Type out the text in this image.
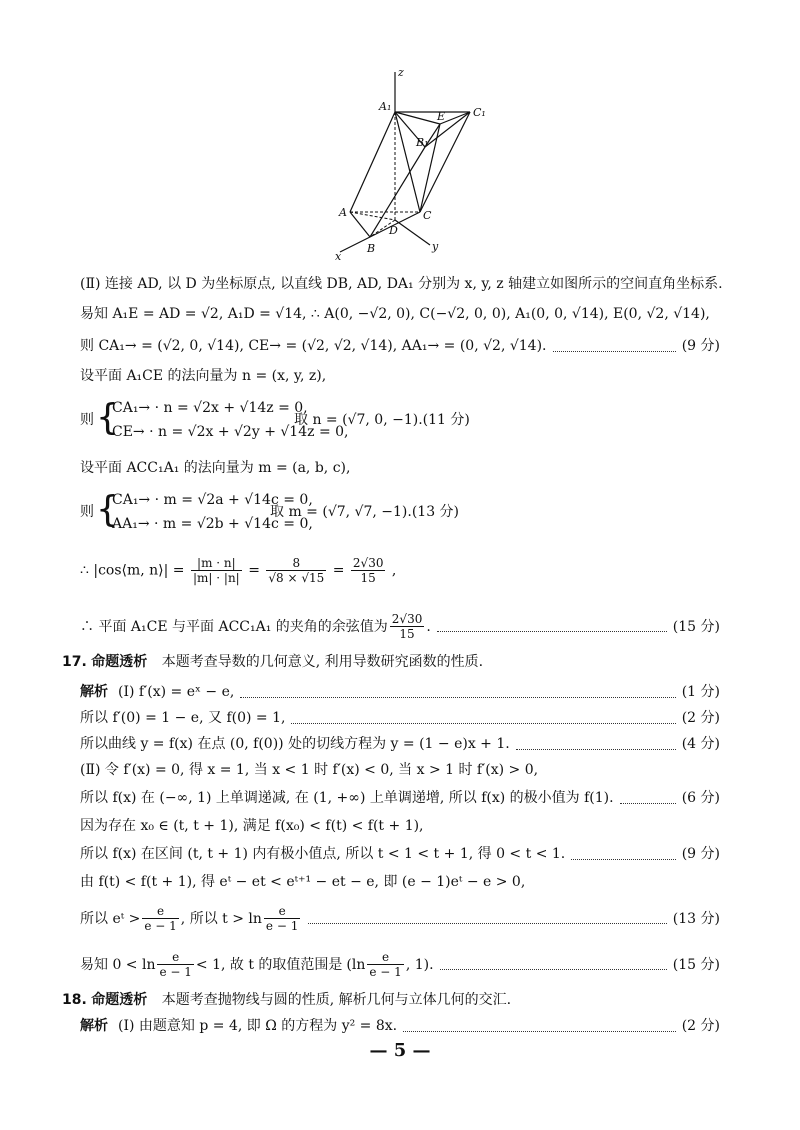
z
A₁
E	C₁
B₁
A	C
D
B
x
y
(Ⅱ) 连接 AD, 以 D 为坐标原点, 以直线 DB, AD, DA₁ 分别为 x, y, z 轴建立如图所示的空间直角坐标系.
易知 A₁E = AD = √2, A₁D = √14, ∴ A(0, −√2, 0), C(−√2, 0, 0), A₁(0, 0, √14), E(0, √2, √14),
则 CA₁→ = (√2, 0, √14), CE→ = (√2, √2, √14), AA₁→ = (0, √2, √14).	(9 分)
设平面 A₁CE 的法向量为 n = (x, y, z),
则 {
CA₁→ · n = √2x + √14z = 0,
CE→ · n = √2x + √2y + √14z = 0,
取 n = (√7, 0, −1). (11 分)
设平面 ACC₁A₁ 的法向量为 m = (a, b, c),
则 {
CA₁→ · m = √2a + √14c = 0,
AA₁→ · m = √2b + √14c = 0,
取 m = (√7, √7, −1). (13 分)
∴ |cos⟨m, n⟩| = $\frac{|m \cdot n|}{|m| \cdot |n|} = \frac{8}{√8 \times √15} = \frac{2√30}{15}$ ,
∴ 平面 A₁CE 与平面 ACC₁A₁ 的夹角的余弦值为 $\frac{2√30}{15}$ .	(15 分)
17. 命题透析 本题考查导数的几何意义, 利用导数研究函数的性质.
解析 (Ⅰ) f′(x) = eˣ − e,	(1 分)
所以 f′(0) = 1 − e, 又 f(0) = 1,	(2 分)
所以曲线 y = f(x) 在点 (0, f(0)) 处的切线方程为 y = (1 − e)x + 1.	(4 分)
(Ⅱ) 令 f′(x) = 0, 得 x = 1, 当 x < 1 时 f′(x) < 0, 当 x > 1 时 f′(x) > 0,
所以 f(x) 在 (−∞, 1) 上单调递减, 在 (1, +∞) 上单调递增, 所以 f(x) 的极小值为 f(1).	(6 分)
因为存在 x₀ ∈ (t, t + 1), 满足 f(x₀) < f(t) < f(t + 1),
所以 f(x) 在区间 (t, t + 1) 内有极小值点, 所以 t < 1 < t + 1, 得 0 < t < 1.	(9 分)
由 f(t) < f(t + 1), 得 eᵗ − et < eᵗ⁺¹ − et − e, 即 (e − 1)eᵗ − e > 0,
所以 eᵗ > $\frac{e}{e - 1}$ , 所以 $t > \ln \frac{e}{e - 1}$	(13 分)
易知 $0 < \ln \frac{e}{e - 1} < 1$, 故 t 的取值范围是 ($\ln \frac{e}{e - 1}$ , 1).	(15 分)
18. 命题透析 本题考查抛物线与圆的性质, 解析几何与立体几何的交汇.
解析 (Ⅰ) 由题意知 p = 4, 即 Ω 的方程为 y² = 8x.	(2 分)
— 5 —
